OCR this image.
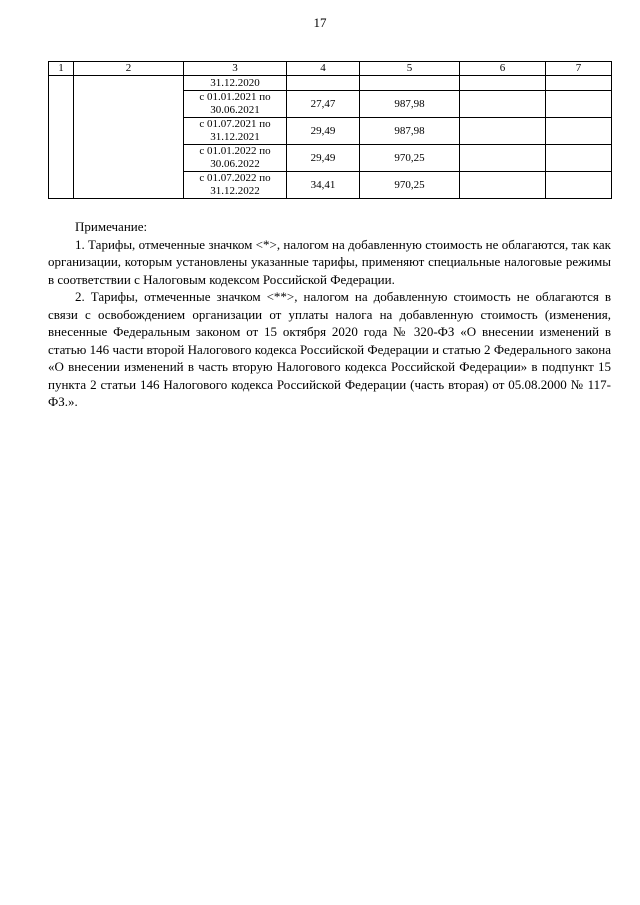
17
1	2	3	4	5	6	7
		31.12.2020				
		с 01.01.2021 по 30.06.2021	27,47	987,98		
		с 01.07.2021 по 31.12.2021	29,49	987,98		
		с 01.01.2022 по 30.06.2022	29,49	970,25		
		с 01.07.2022 по 31.12.2022	34,41	970,25		

Примечание:

1. Тарифы, отмеченные значком <*>, налогом на добавленную стоимость не облагаются, так как организации, которым установлены указанные тарифы, применяют специальные налоговые режимы в соответствии с Налоговым кодексом Российской Федерации.

2. Тарифы, отмеченные значком <**>, налогом на добавленную стоимость не облагаются в связи с освобождением организации от уплаты налога на добавленную стоимость (изменения, внесенные Федеральным законом от 15 октября 2020 года № 320-ФЗ «О внесении изменений в статью 146 части второй Налогового кодекса Российской Федерации и статью 2 Федерального закона «О внесении изменений в часть вторую Налогового кодекса Российской Федерации» в подпункт 15 пункта 2 статьи 146 Налогового кодекса Российской Федерации (часть вторая) от 05.08.2000 № 117-ФЗ.».
